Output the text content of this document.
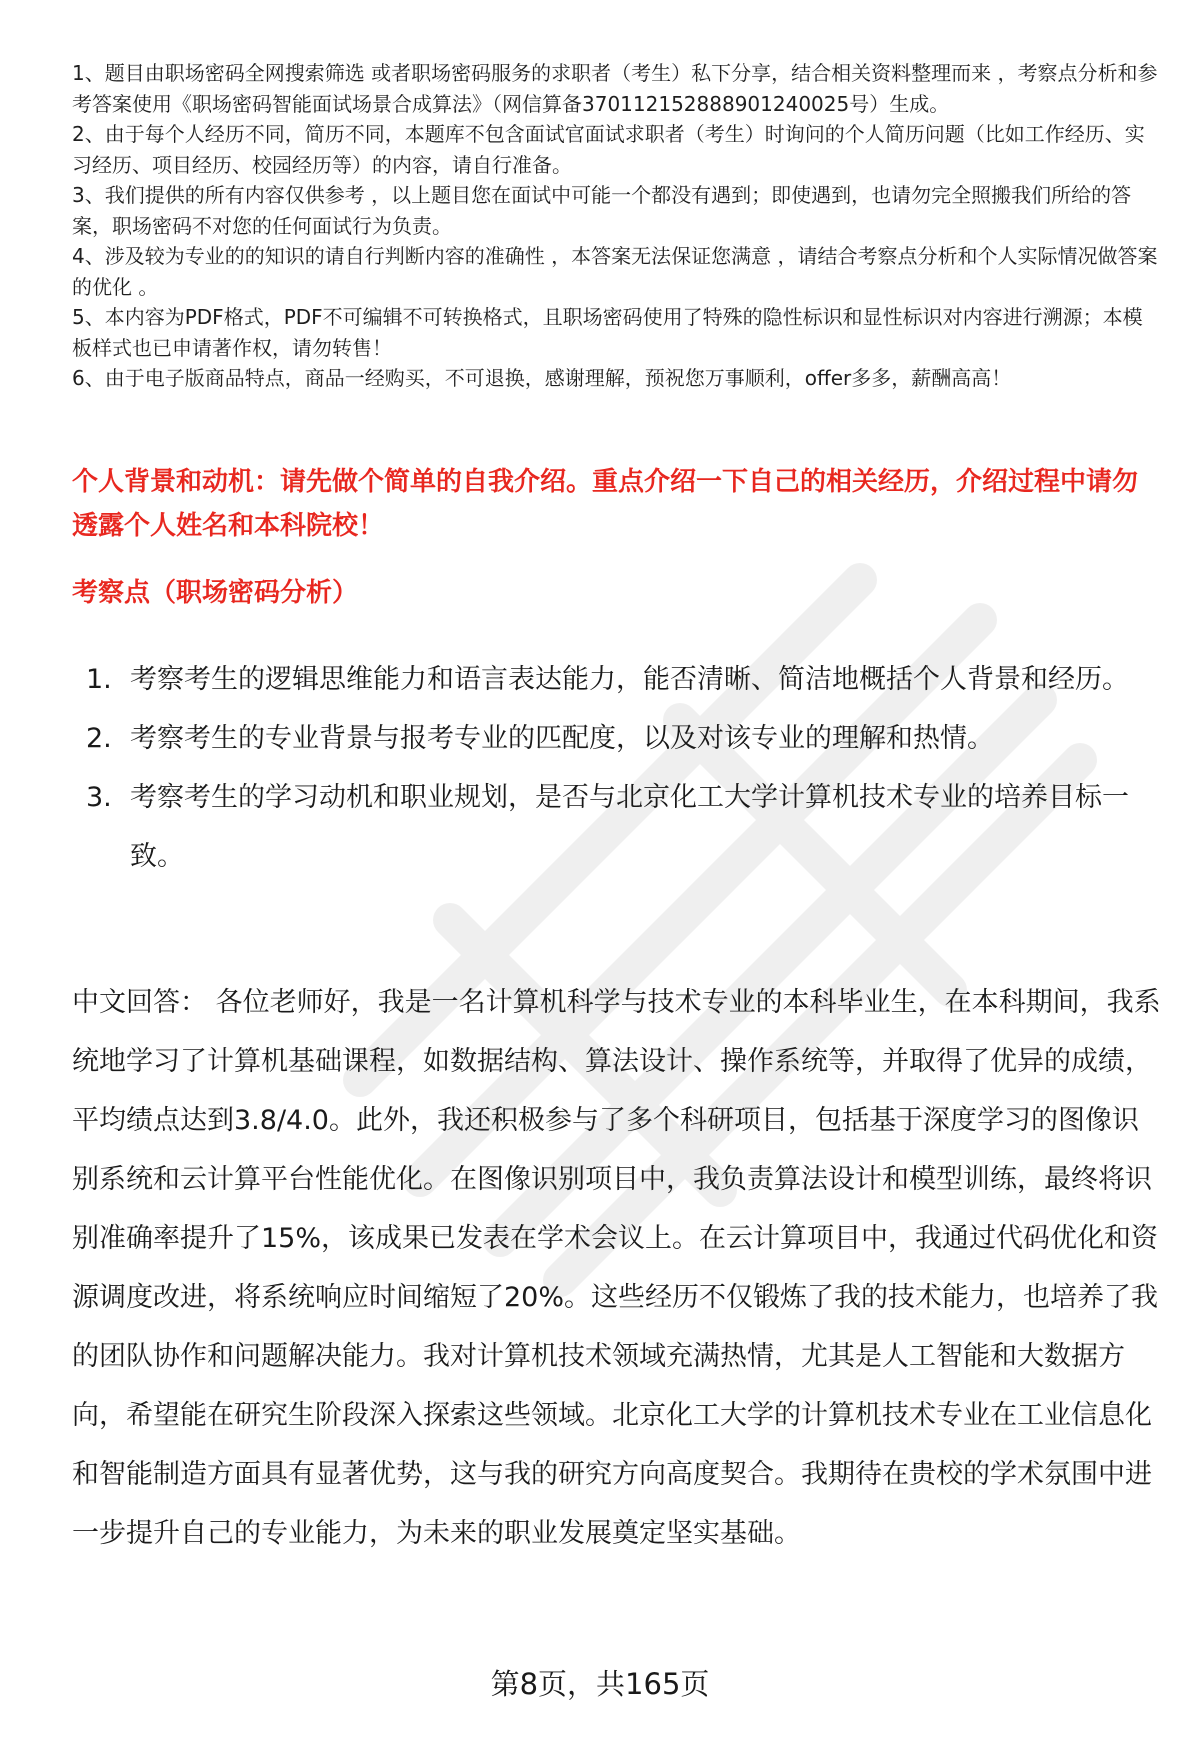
1、题目由职场密码全网搜索筛选 或者职场密码服务的求职者（考生）私下分享，结合相关资料整理而来 ，考察点分析和参考答案使用《职场密码智能面试场景合成算法》（网信算备370112152888901240025号）生成。

2、由于每个人经历不同，简历不同，本题库不包含面试官面试求职者（考生）时询问的个人简历问题（比如工作经历、实习经历、项目经历、校园经历等）的内容，请自行准备。

3、我们提供的所有内容仅供参考 ，以上题目您在面试中可能一个都没有遇到；即使遇到，也请勿完全照搬我们所给的答案，职场密码不对您的任何面试行为负责。

4、涉及较为专业的的知识的请自行判断内容的准确性 ，本答案无法保证您满意 ，请结合考察点分析和个人实际情况做答案的优化 。

5、本内容为PDF格式，PDF不可编辑不可转换格式，且职场密码使用了特殊的隐性标识和显性标识对内容进行溯源；本模板样式也已申请著作权，请勿转售！

6、由于电子版商品特点，商品一经购买，不可退换，感谢理解，预祝您万事顺利，offer多多，薪酬高高！

个人背景和动机：请先做个简单的自我介绍。重点介绍一下自己的相关经历，介绍过程中请勿透露个人姓名和本科院校！
考察点（职场密码分析）
1. 考察考生的逻辑思维能力和语言表达能力，能否清晰、简洁地概括个人背景和经历。
2. 考察考生的专业背景与报考专业的匹配度，以及对该专业的理解和热情。
3. 考察考生的学习动机和职业规划，是否与北京化工大学计算机技术专业的培养目标一致。

中文回答： 各位老师好，我是一名计算机科学与技术专业的本科毕业生，在本科期间，我系统地学习了计算机基础课程，如数据结构、算法设计、操作系统等，并取得了优异的成绩，平均绩点达到3.8/4.0。此外，我还积极参与了多个科研项目，包括基于深度学习的图像识别系统和云计算平台性能优化。在图像识别项目中，我负责算法设计和模型训练，最终将识别准确率提升了15%，该成果已发表在学术会议上。在云计算项目中，我通过代码优化和资源调度改进，将系统响应时间缩短了20%。这些经历不仅锻炼了我的技术能力，也培养了我的团队协作和问题解决能力。我对计算机技术领域充满热情，尤其是人工智能和大数据方向，希望能在研究生阶段深入探索这些领域。北京化工大学的计算机技术专业在工业信息化和智能制造方面具有显著优势，这与我的研究方向高度契合。我期待在贵校的学术氛围中进一步提升自己的专业能力，为未来的职业发展奠定坚实基础。

第8页，共165页
